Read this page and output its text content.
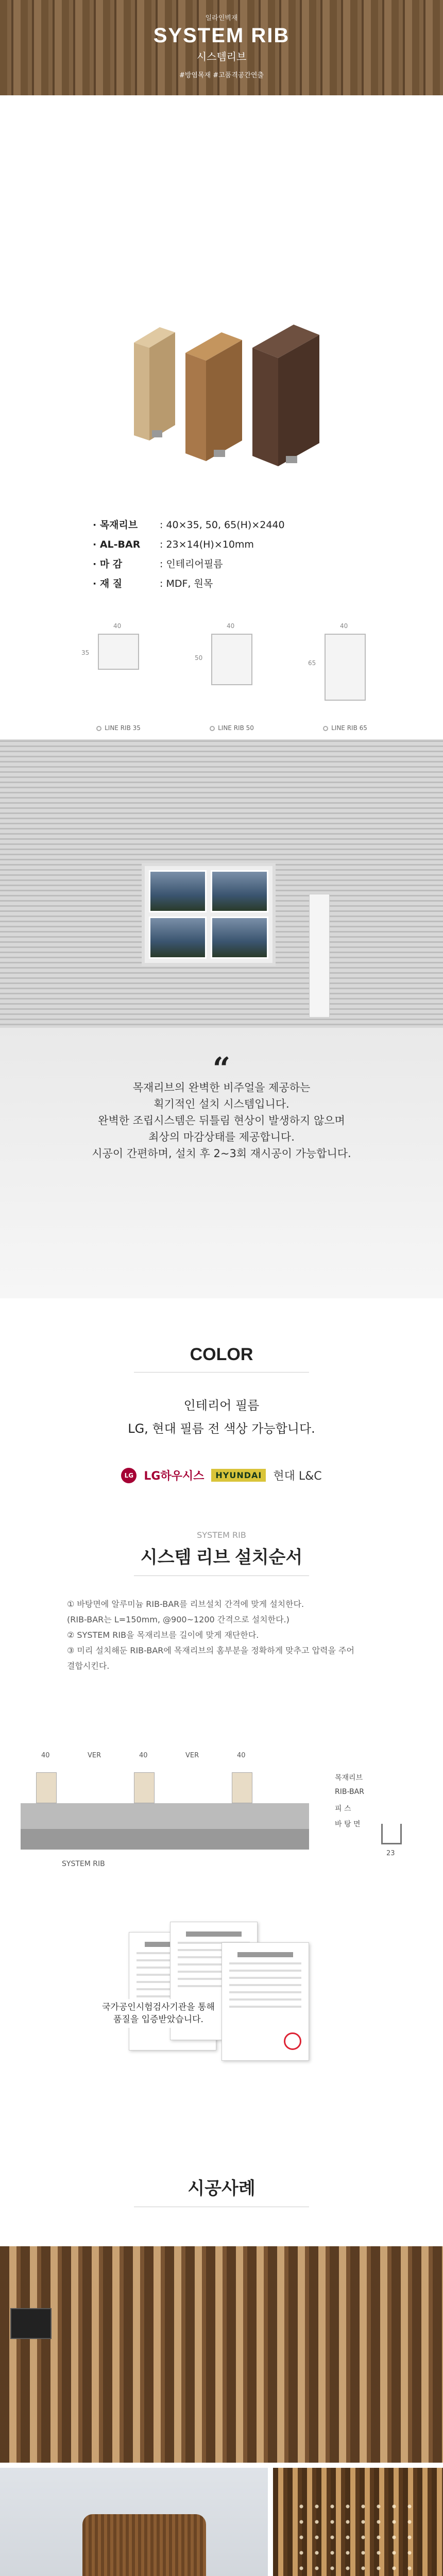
일라인벽재
SYSTEM RIB
시스템리브
#방염목재 #고품격공간연출
· 목재리브	: 40×35, 50, 65(H)×2440
· AL-BAR	: 23×14(H)×10mm
· 마 감	: 인테리어필름
· 재 질	: MDF, 원목
40
35
LINE RIB 35
40
50
LINE RIB 50
40
65
LINE RIB 65
“

목재리브의 완벽한 비주얼을 제공하는

획기적인 설치 시스템입니다.

완벽한 조립시스템은 뒤틀림 현상이 발생하지 않으며

최상의 마감상태를 제공합니다.

시공이 간편하며, 설치 후 2~3회 재시공이 가능합니다.

COLOR
인테리어 필름
LG, 현대 필름 전 색상 가능합니다.
LG LG하우시스	HYUNDAI	현대 L&C
SYSTEM RIB
시스템 리브 설치순서
① 바탕면에 알루미늄 RIB-BAR를 리브설치 간격에 맞게 설치한다.
(RIB-BAR는 L=150mm, @900~1200 간격으로 설치한다.)
② SYSTEM RIB을 목재리브를 길이에 맞게 재단한다.
③ 미리 설치해둔 RIB-BAR에 목재리브의 홈부분을 정확하게 맞추고 압력을 주어
결합시킨다.
40	VER	40	VER	40
목재리브
RIB-BAR
피 스
바 탕 면
23
SYSTEM RIB
국가공인시험검사기관을 통해
품질을 입증받았습니다.
시공사례
